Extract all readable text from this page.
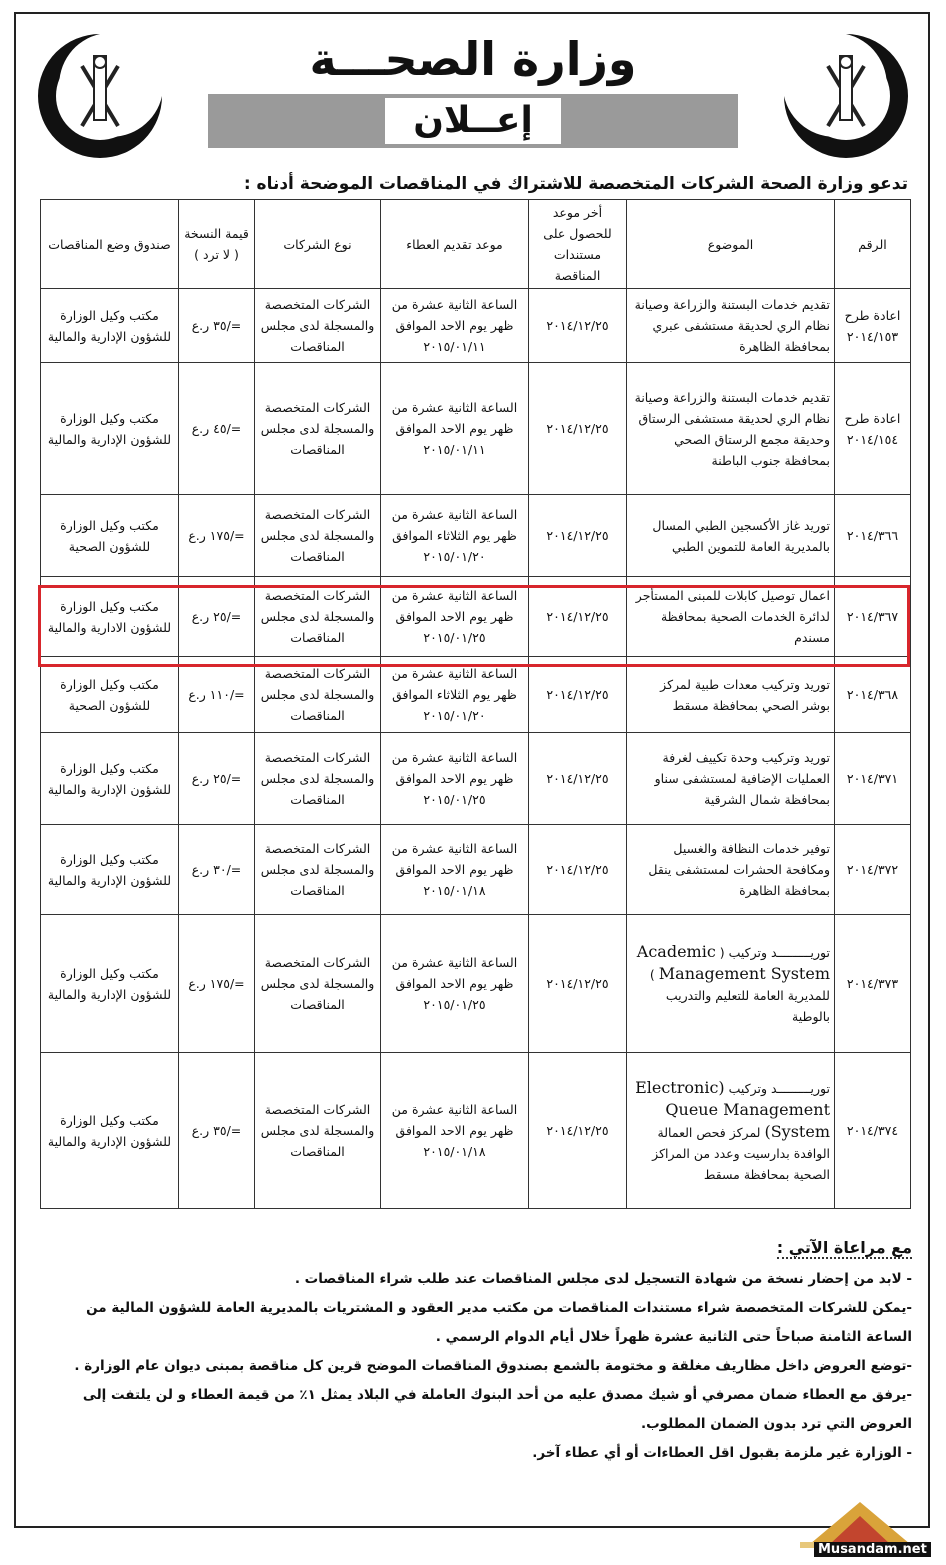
وزارة الصحـــة
إعــلان
تدعو وزارة الصحة الشركات المتخصصة للاشتراك في المناقصات الموضحة أدناه :
الرقم	الموضوع	أخر موعد للحصول على مستندات المناقصة	موعد تقديم العطاء	نوع الشركات	قيمة النسخة ( لا ترد )	صندوق وضع المناقصات
اعادة طرح ٢٠١٤/١٥٣	تقديم خدمات البستنة والزراعة وصيانة نظام الري لحديقة مستشفى عبري بمحافظة الظاهرة	٢٠١٤/١٢/٢٥	الساعة الثانية عشرة من ظهر يوم الاحد الموافق ٢٠١٥/٠١/١١	الشركات المتخصصة والمسجلة لدى مجلس المناقصات	=/٣٥ ر.ع	مكتب وكيل الوزارة للشؤون الإدارية والمالية
اعادة طرح ٢٠١٤/١٥٤	تقديم خدمات البستنة والزراعة وصيانة نظام الري لحديقة مستشفى الرستاق وحديقة مجمع الرستاق الصحي بمحافظة جنوب الباطنة	٢٠١٤/١٢/٢٥	الساعة الثانية عشرة من ظهر يوم الاحد الموافق ٢٠١٥/٠١/١١	الشركات المتخصصة والمسجلة لدى مجلس المناقصات	=/٤٥ ر.ع	مكتب وكيل الوزارة للشؤون الإدارية والمالية
٢٠١٤/٣٦٦	توريد غاز الأكسجين الطبي المسال بالمديرية العامة للتموين الطبي	٢٠١٤/١٢/٢٥	الساعة الثانية عشرة من ظهر يوم الثلاثاء الموافق ٢٠١٥/٠١/٢٠	الشركات المتخصصة والمسجلة لدى مجلس المناقصات	=/١٧٥ ر.ع	مكتب وكيل الوزارة للشؤون الصحية
٢٠١٤/٣٦٧	اعمال توصيل كابلات للمبنى المستأجر لدائرة الخدمات الصحية بمحافظة مسندم	٢٠١٤/١٢/٢٥	الساعة الثانية عشرة من ظهر يوم الاحد الموافق ٢٠١٥/٠١/٢٥	الشركات المتخصصة والمسجلة لدى مجلس المناقصات	=/٢٥ ر.ع	مكتب وكيل الوزارة للشؤون الادارية والمالية
٢٠١٤/٣٦٨	توريد وتركيب معدات طبية لمركز بوشر الصحي بمحافظة مسقط	٢٠١٤/١٢/٢٥	الساعة الثانية عشرة من ظهر يوم الثلاثاء الموافق ٢٠١٥/٠١/٢٠	الشركات المتخصصة والمسجلة لدى مجلس المناقصات	=/١١٠ ر.ع	مكتب وكيل الوزارة للشؤون الصحية
٢٠١٤/٣٧١	توريد وتركيب وحدة تكييف لغرفة العمليات الإضافية لمستشفى سناو بمحافظة شمال الشرقية	٢٠١٤/١٢/٢٥	الساعة الثانية عشرة من ظهر يوم الاحد الموافق ٢٠١٥/٠١/٢٥	الشركات المتخصصة والمسجلة لدى مجلس المناقصات	=/٢٥ ر.ع	مكتب وكيل الوزارة للشؤون الإدارية والمالية
٢٠١٤/٣٧٢	توفير خدمات النظافة والغسيل ومكافحة الحشرات لمستشفى ينقل بمحافظة الظاهرة	٢٠١٤/١٢/٢٥	الساعة الثانية عشرة من ظهر يوم الاحد الموافق ٢٠١٥/٠١/١٨	الشركات المتخصصة والمسجلة لدى مجلس المناقصات	=/٣٠ ر.ع	مكتب وكيل الوزارة للشؤون الإدارية والمالية
٢٠١٤/٣٧٣	توريـــــــــد وتركيب ( Academic Management System ) للمديرية العامة للتعليم والتدريب بالوطية	٢٠١٤/١٢/٢٥	الساعة الثانية عشرة من ظهر يوم الاحد الموافق ٢٠١٥/٠١/٢٥	الشركات المتخصصة والمسجلة لدى مجلس المناقصات	=/١٧٥ ر.ع	مكتب وكيل الوزارة للشؤون الإدارية والمالية
٢٠١٤/٣٧٤	توريـــــــــد وتركيب (Electronic Queue Management System) لمركز فحص العمالة الوافدة بدارسيت وعدد من المراكز الصحية بمحافظة مسقط	٢٠١٤/١٢/٢٥	الساعة الثانية عشرة من ظهر يوم الاحد الموافق ٢٠١٥/٠١/١٨	الشركات المتخصصة والمسجلة لدى مجلس المناقصات	=/٣٥ ر.ع	مكتب وكيل الوزارة للشؤون الإدارية والمالية
مع مراعاة الآتي :

- لابد من إحضار نسخة من شهادة التسجيل لدى مجلس المناقصات عند طلب شراء المناقصات .

-يمكن للشركات المتخصصة شراء مستندات المناقصات من مكتب مدير العقود و المشتريات بالمديرية العامة للشؤون المالية من

الساعة الثامنة صباحاً حتى الثانية عشرة ظهراً خلال أيام الدوام الرسمي .

-توضع العروض داخل مظاريف مغلقة و مختومة بالشمع بصندوق المناقصات الموضح قرين كل مناقصة بمبنى ديوان عام الوزارة .

-يرفق مع العطاء ضمان مصرفي أو شيك مصدق عليه من أحد البنوك العاملة في البلاد يمثل ١٪ من قيمة العطاء و لن يلتفت إلى

العروض التي ترد بدون الضمان المطلوب.

- الوزارة غير ملزمة بقبول اقل العطاءات أو أي عطاء آخر.

Musandam.net
